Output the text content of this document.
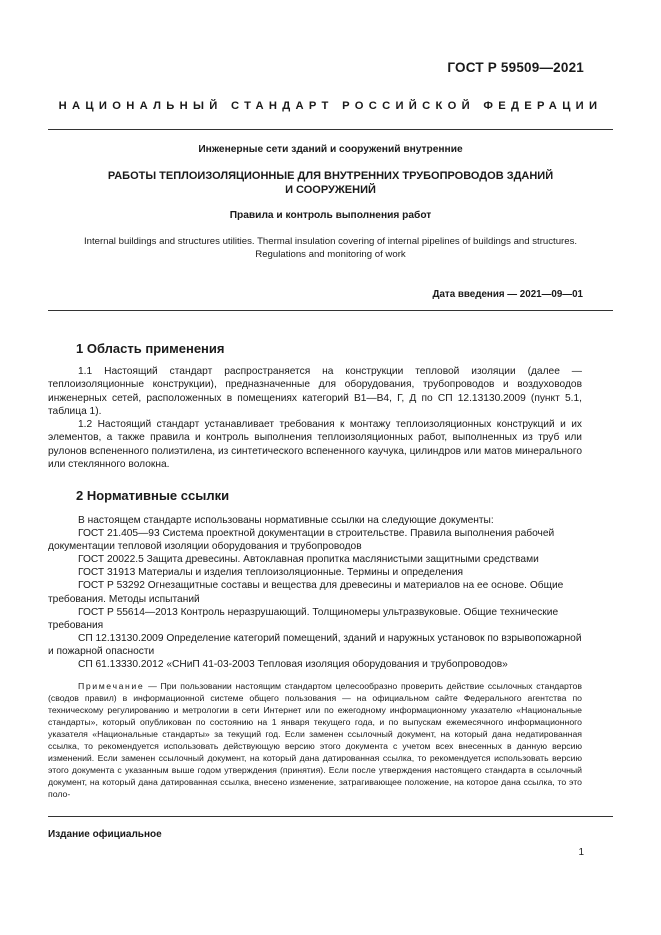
ГОСТ Р 59509—2021
НАЦИОНАЛЬНЫЙ СТАНДАРТ РОССИЙСКОЙ ФЕДЕРАЦИИ
Инженерные сети зданий и сооружений внутренние
РАБОТЫ ТЕПЛОИЗОЛЯЦИОННЫЕ ДЛЯ ВНУТРЕННИХ ТРУБОПРОВОДОВ ЗДАНИЙ
И СООРУЖЕНИЙ
Правила и контроль выполнения работ
Internal buildings and structures utilities. Thermal insulation covering of internal pipelines of buildings and structures.
Regulations and monitoring of work
Дата введения — 2021—09—01
1 Область применения

1.1 Настоящий стандарт распространяется на конструкции тепловой изоляции (далее — теплоизоляционные конструкции), предназначенные для оборудования, трубопроводов и воздуховодов инженерных сетей, расположенных в помещениях категорий В1—В4, Г, Д по СП 12.13130.2009 (пункт 5.1, таблица 1).

1.2 Настоящий стандарт устанавливает требования к монтажу теплоизоляционных конструкций и их элементов, а также правила и контроль выполнения теплоизоляционных работ, выполненных из труб или рулонов вспененного полиэтилена, из синтетического вспененного каучука, цилиндров или матов минерального или стеклянного волокна.

2 Нормативные ссылки

В настоящем стандарте использованы нормативные ссылки на следующие документы:

ГОСТ 21.405—93 Система проектной документации в строительстве. Правила выполнения рабочей документации тепловой изоляции оборудования и трубопроводов

ГОСТ 20022.5 Защита древесины. Автоклавная пропитка маслянистыми защитными средствами

ГОСТ 31913 Материалы и изделия теплоизоляционные. Термины и определения

ГОСТ Р 53292 Огнезащитные составы и вещества для древесины и материалов на ее основе. Общие требования. Методы испытаний

ГОСТ Р 55614—2013 Контроль неразрушающий. Толщиномеры ультразвуковые. Общие технические требования

СП 12.13130.2009 Определение категорий помещений, зданий и наружных установок по взрывопожарной и пожарной опасности

СП 61.13330.2012 «СНиП 41-03-2003 Тепловая изоляция оборудования и трубопроводов»

Примечание — При пользовании настоящим стандартом целесообразно проверить действие ссылочных стандартов (сводов правил) в информационной системе общего пользования — на официальном сайте Федерального агентства по техническому регулированию и метрологии в сети Интернет или по ежегодному информационному указателю «Национальные стандарты», который опубликован по состоянию на 1 января текущего года, и по выпускам ежемесячного информационного указателя «Национальные стандарты» за текущий год. Если заменен ссылочный документ, на который дана недатированная ссылка, то рекомендуется использовать действующую версию этого документа с учетом всех внесенных в данную версию изменений. Если заменен ссылочный документ, на который дана датированная ссылка, то рекомендуется использовать версию этого документа с указанным выше годом утверждения (принятия). Если после утверждения настоящего стандарта в ссылочный документ, на который дана датированная ссылка, внесено изменение, затрагивающее положение, на которое дана ссылка, то это поло-
Издание официальное
1
